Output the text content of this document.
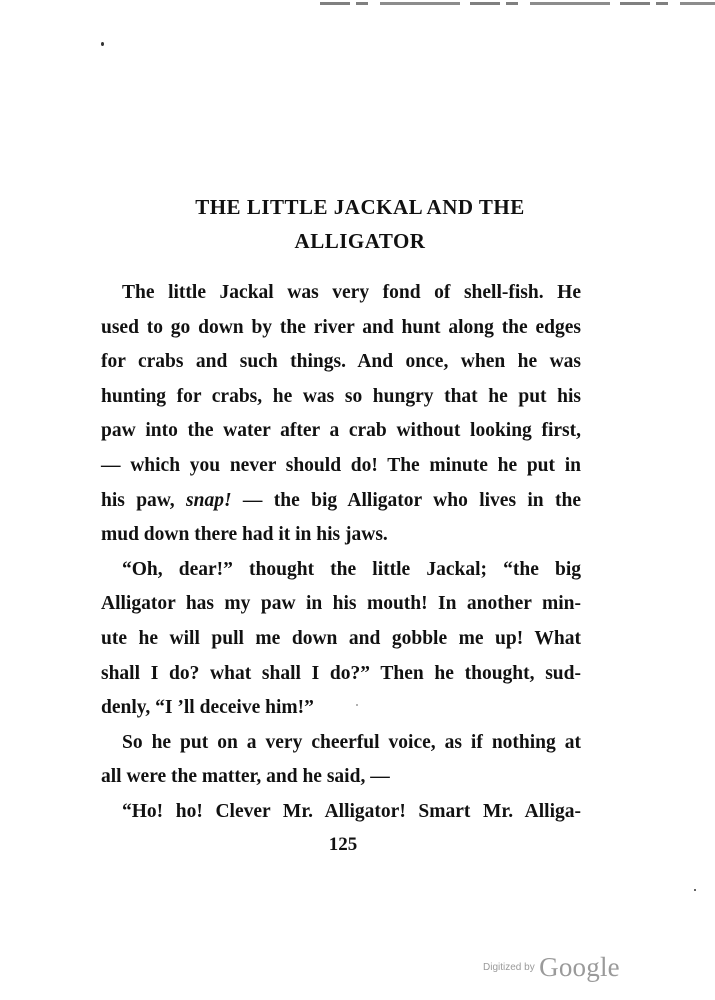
THE LITTLE JACKAL AND THE
ALLIGATOR
The little Jackal was very fond of shell-fish. He
used to go down by the river and hunt along the edges
for crabs and such things. And once, when he was
hunting for crabs, he was so hungry that he put his
paw into the water after a crab without looking first,
— which you never should do! The minute he put in
his paw, snap! — the big Alligator who lives in the
mud down there had it in his jaws.
“Oh, dear!” thought the little Jackal; “the big
Alligator has my paw in his mouth! In another min-
ute he will pull me down and gobble me up! What
shall I do? what shall I do?” Then he thought, sud-
denly, “I ’ll deceive him!”
So he put on a very cheerful voice, as if nothing at
all were the matter, and he said, —
“Ho! ho! Clever Mr. Alligator! Smart Mr. Alliga-
125
Digitized by Google
